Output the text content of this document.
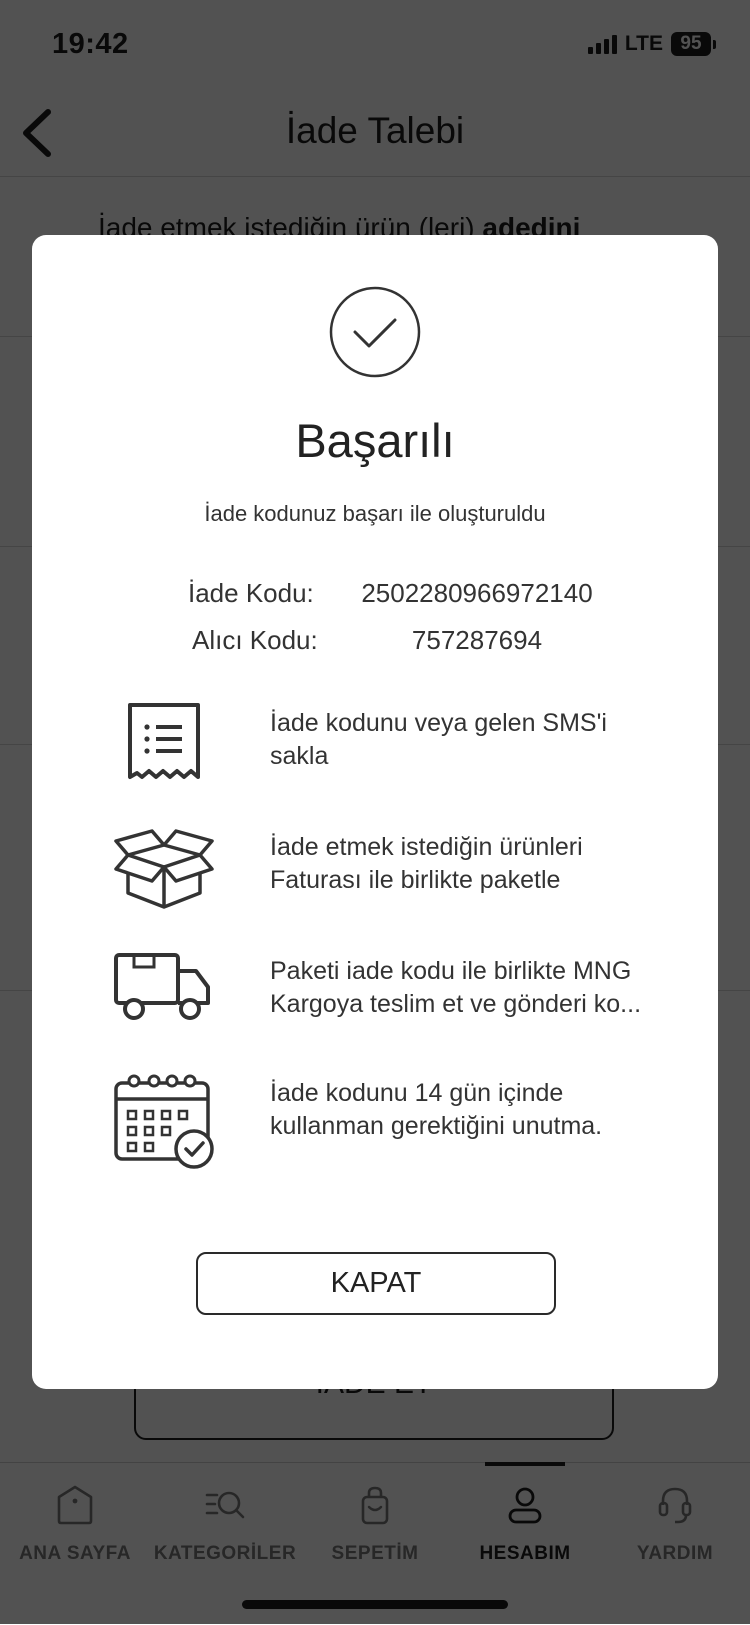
Başarılı
İade kodunuz başarı ile oluşturuldu
İade Kodu:	2502280966972140
Alıcı Kodu:	757287694
İade kodunu veya gelen SMS'i sakla
İade etmek istediğin ürünleri Faturası ile birlikte paketle
Paketi iade kodu ile birlikte MNG Kargoya teslim et ve gönderi ko...
İade kodunu 14 gün içinde kullanman gerektiğini unutma.
KAPAT
